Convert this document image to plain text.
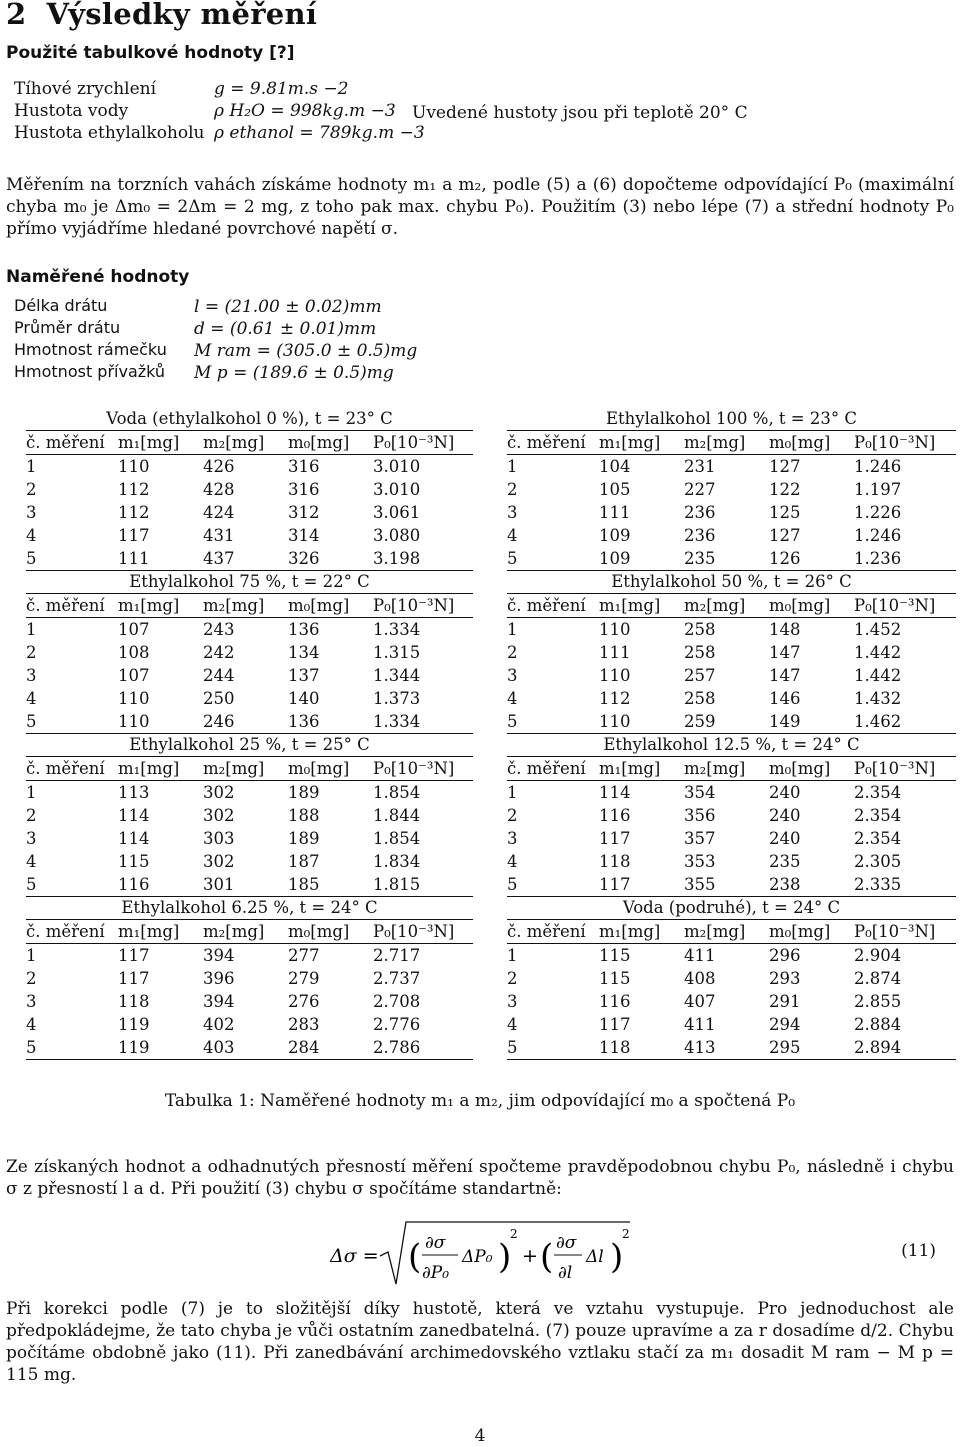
2 Výsledky měření
Použité tabulkové hodnoty [?]
Tíhové zrychlení	g = 9.81m.s −2
Hustota vody	ρ H₂O = 998kg.m −3
Hustota ethylalkoholu	ρ ethanol = 789kg.m −3
Uvedené hustoty jsou při teplotě 20° C
Měřením na torzních vahách získáme hodnoty m₁ a m₂, podle (5) a (6) dopočteme odpovídající P₀ (maximální chyba m₀ je Δm₀ = 2Δm = 2 mg, z toho pak max. chybu P₀). Použitím (3) nebo lépe (7) a střední hodnoty P₀ přímo vyjádříme hledané povrchové napětí σ.
Naměřené hodnoty
Délka drátu	l = (21.00 ± 0.02)mm
Průměr drátu	d = (0.61 ± 0.01)mm
Hmotnost rámečku	M ram = (305.0 ± 0.5)mg
Hmotnost přívažků	M p = (189.6 ± 0.5)mg
Voda (ethylalkohol 0 %), t = 23° C
č. měření	m₁[mg]	m₂[mg]	m₀[mg]	P₀[10⁻³N]
1	110	426	316	3.010
2	112	428	316	3.010
3	112	424	312	3.061
4	117	431	314	3.080
5	111	437	326	3.198
Ethylalkohol 75 %, t = 22° C
č. měření	m₁[mg]	m₂[mg]	m₀[mg]	P₀[10⁻³N]
1	107	243	136	1.334
2	108	242	134	1.315
3	107	244	137	1.344
4	110	250	140	1.373
5	110	246	136	1.334
Ethylalkohol 25 %, t = 25° C
č. měření	m₁[mg]	m₂[mg]	m₀[mg]	P₀[10⁻³N]
1	113	302	189	1.854
2	114	302	188	1.844
3	114	303	189	1.854
4	115	302	187	1.834
5	116	301	185	1.815
Ethylalkohol 6.25 %, t = 24° C
č. měření	m₁[mg]	m₂[mg]	m₀[mg]	P₀[10⁻³N]
1	117	394	277	2.717
2	117	396	279	2.737
3	118	394	276	2.708
4	119	402	283	2.776
5	119	403	284	2.786
Ethylalkohol 100 %, t = 23° C
č. měření	m₁[mg]	m₂[mg]	m₀[mg]	P₀[10⁻³N]
1	104	231	127	1.246
2	105	227	122	1.197
3	111	236	125	1.226
4	109	236	127	1.246
5	109	235	126	1.236
Ethylalkohol 50 %, t = 26° C
č. měření	m₁[mg]	m₂[mg]	m₀[mg]	P₀[10⁻³N]
1	110	258	148	1.452
2	111	258	147	1.442
3	110	257	147	1.442
4	112	258	146	1.432
5	110	259	149	1.462
Ethylalkohol 12.5 %, t = 24° C
č. měření	m₁[mg]	m₂[mg]	m₀[mg]	P₀[10⁻³N]
1	114	354	240	2.354
2	116	356	240	2.354
3	117	357	240	2.354
4	118	353	235	2.305
5	117	355	238	2.335
Voda (podruhé), t = 24° C
č. měření	m₁[mg]	m₂[mg]	m₀[mg]	P₀[10⁻³N]
1	115	411	296	2.904
2	115	408	293	2.874
3	116	407	291	2.855
4	117	411	294	2.884
5	118	413	295	2.894
Tabulka 1: Naměřené hodnoty m₁ a m₂, jim odpovídající m₀ a spočtená P₀
Ze získaných hodnot a odhadnutých přesností měření spočteme pravděpodobnou chybu P₀, následně i chybu σ z přesností l a d. Při použití (3) chybu σ spočítáme standartně:
Δσ = ( ∂σ
∂P₀
ΔP₀ )
2
+ ( ∂σ
∂l
Δl )
2
(11)
Při korekci podle (7) je to složitější díky hustotě, která ve vztahu vystupuje. Pro jednoduchost ale předpokládejme, že tato chyba je vůči ostatním zanedbatelná. (7) pouze upravíme a za r dosadíme d/2. Chybu počítáme obdobně jako (11). Při zanedbávání archimedovského vztlaku stačí za m₁ dosadit M ram − M p = 115 mg.
4
